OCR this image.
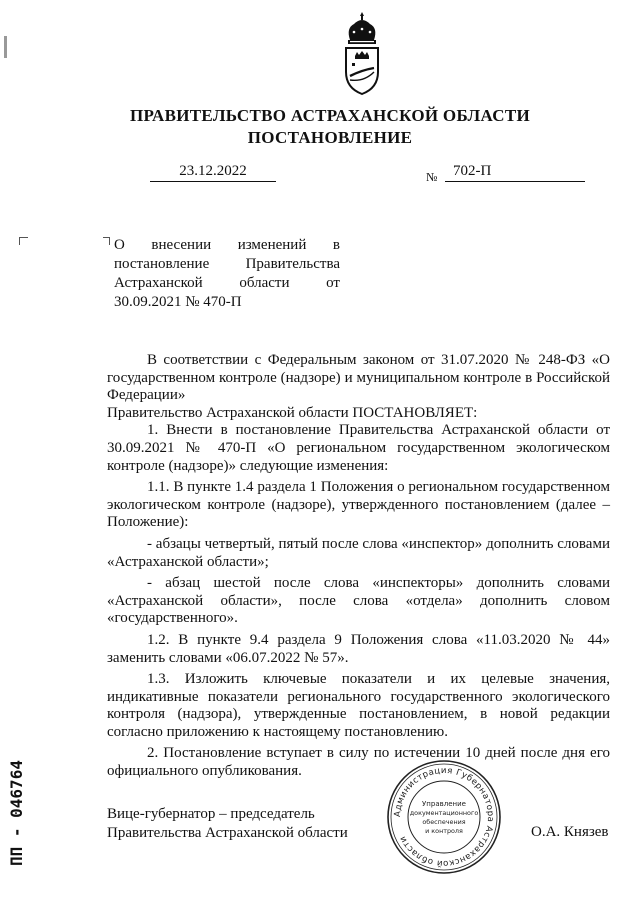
ПРАВИТЕЛЬСТВО АСТРАХАНСКОЙ ОБЛАСТИ
ПОСТАНОВЛЕНИЕ
23.12.2022	№	702-П
О внесении изменений в постановление Правительства Астраханской области от 30.09.2021 № 470-П

В соответствии с Федеральным законом от 31.07.2020 № 248-ФЗ «О государственном контроле (надзоре) и муниципальном контроле в Российской Федерации»

Правительство Астраханской области ПОСТАНОВЛЯЕТ:

1. Внести в постановление Правительства Астраханской области от 30.09.2021 № 470-П «О региональном государственном экологическом контроле (надзоре)» следующие изменения:

1.1. В пункте 1.4 раздела 1 Положения о региональном государственном экологическом контроле (надзоре), утвержденного постановлением (далее – Положение):

- абзацы четвертый, пятый после слова «инспектор» дополнить словами «Астраханской области»;

- абзац шестой после слова «инспекторы» дополнить словами «Астраханской области», после слова «отдела» дополнить словом «государственного».

1.2. В пункте 9.4 раздела 9 Положения слова «11.03.2020 № 44» заменить словами «06.07.2022 № 57».

1.3. Изложить ключевые показатели и их целевые значения, индикативные показатели регионального государственного экологического контроля (надзора), утвержденные постановлением, в новой редакции согласно приложению к настоящему постановлению.

2. Постановление вступает в силу по истечении 10 дней после дня его официального опубликования.

Вице-губернатор – председатель
Правительства Астраханской области	О.А. Князев
Администрация Губернатора Астраханской области
Управление
документационного
обеспечения
и контроля
ПП - 046764
